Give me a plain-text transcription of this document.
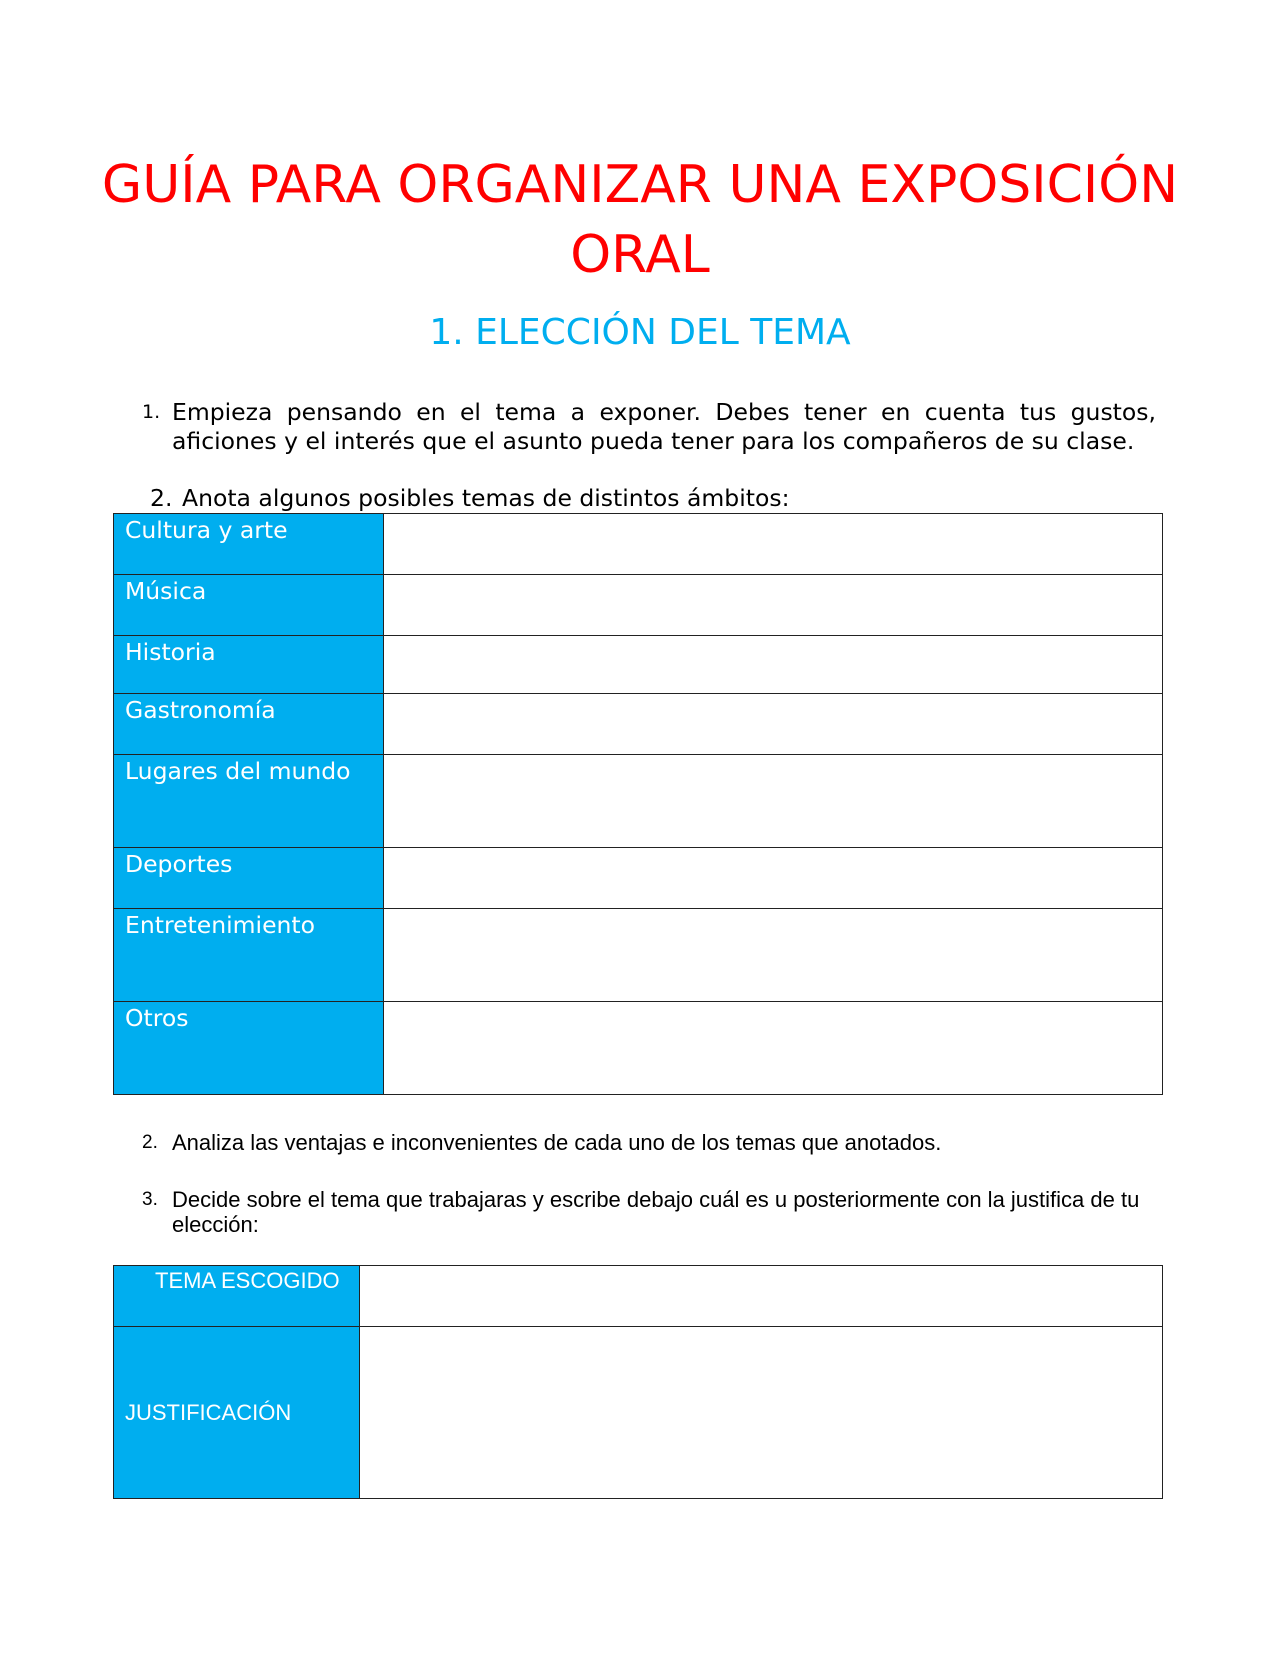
GUÍA PARA ORGANIZAR UNA EXPOSICIÓN ORAL
1. ELECCIÓN DEL TEMA
1. Empieza pensando en el tema a exponer. Debes tener en cuenta tus gustos, aficiones y el interés que el asunto pueda tener para los compañeros de su clase.
2. Anota algunos posibles temas de distintos ámbitos:
Cultura y arte	
Música	
Historia	
Gastronomía	
Lugares del mundo	
Deportes	
Entretenimiento	
Otros	
2. Analiza las ventajas e inconvenientes de cada uno de los temas que anotados.
3. Decide sobre el tema que trabajaras y escribe debajo cuál es u posteriormente con la justifica de tu elección:
TEMA ESCOGIDO	
JUSTIFICACIÓN	
